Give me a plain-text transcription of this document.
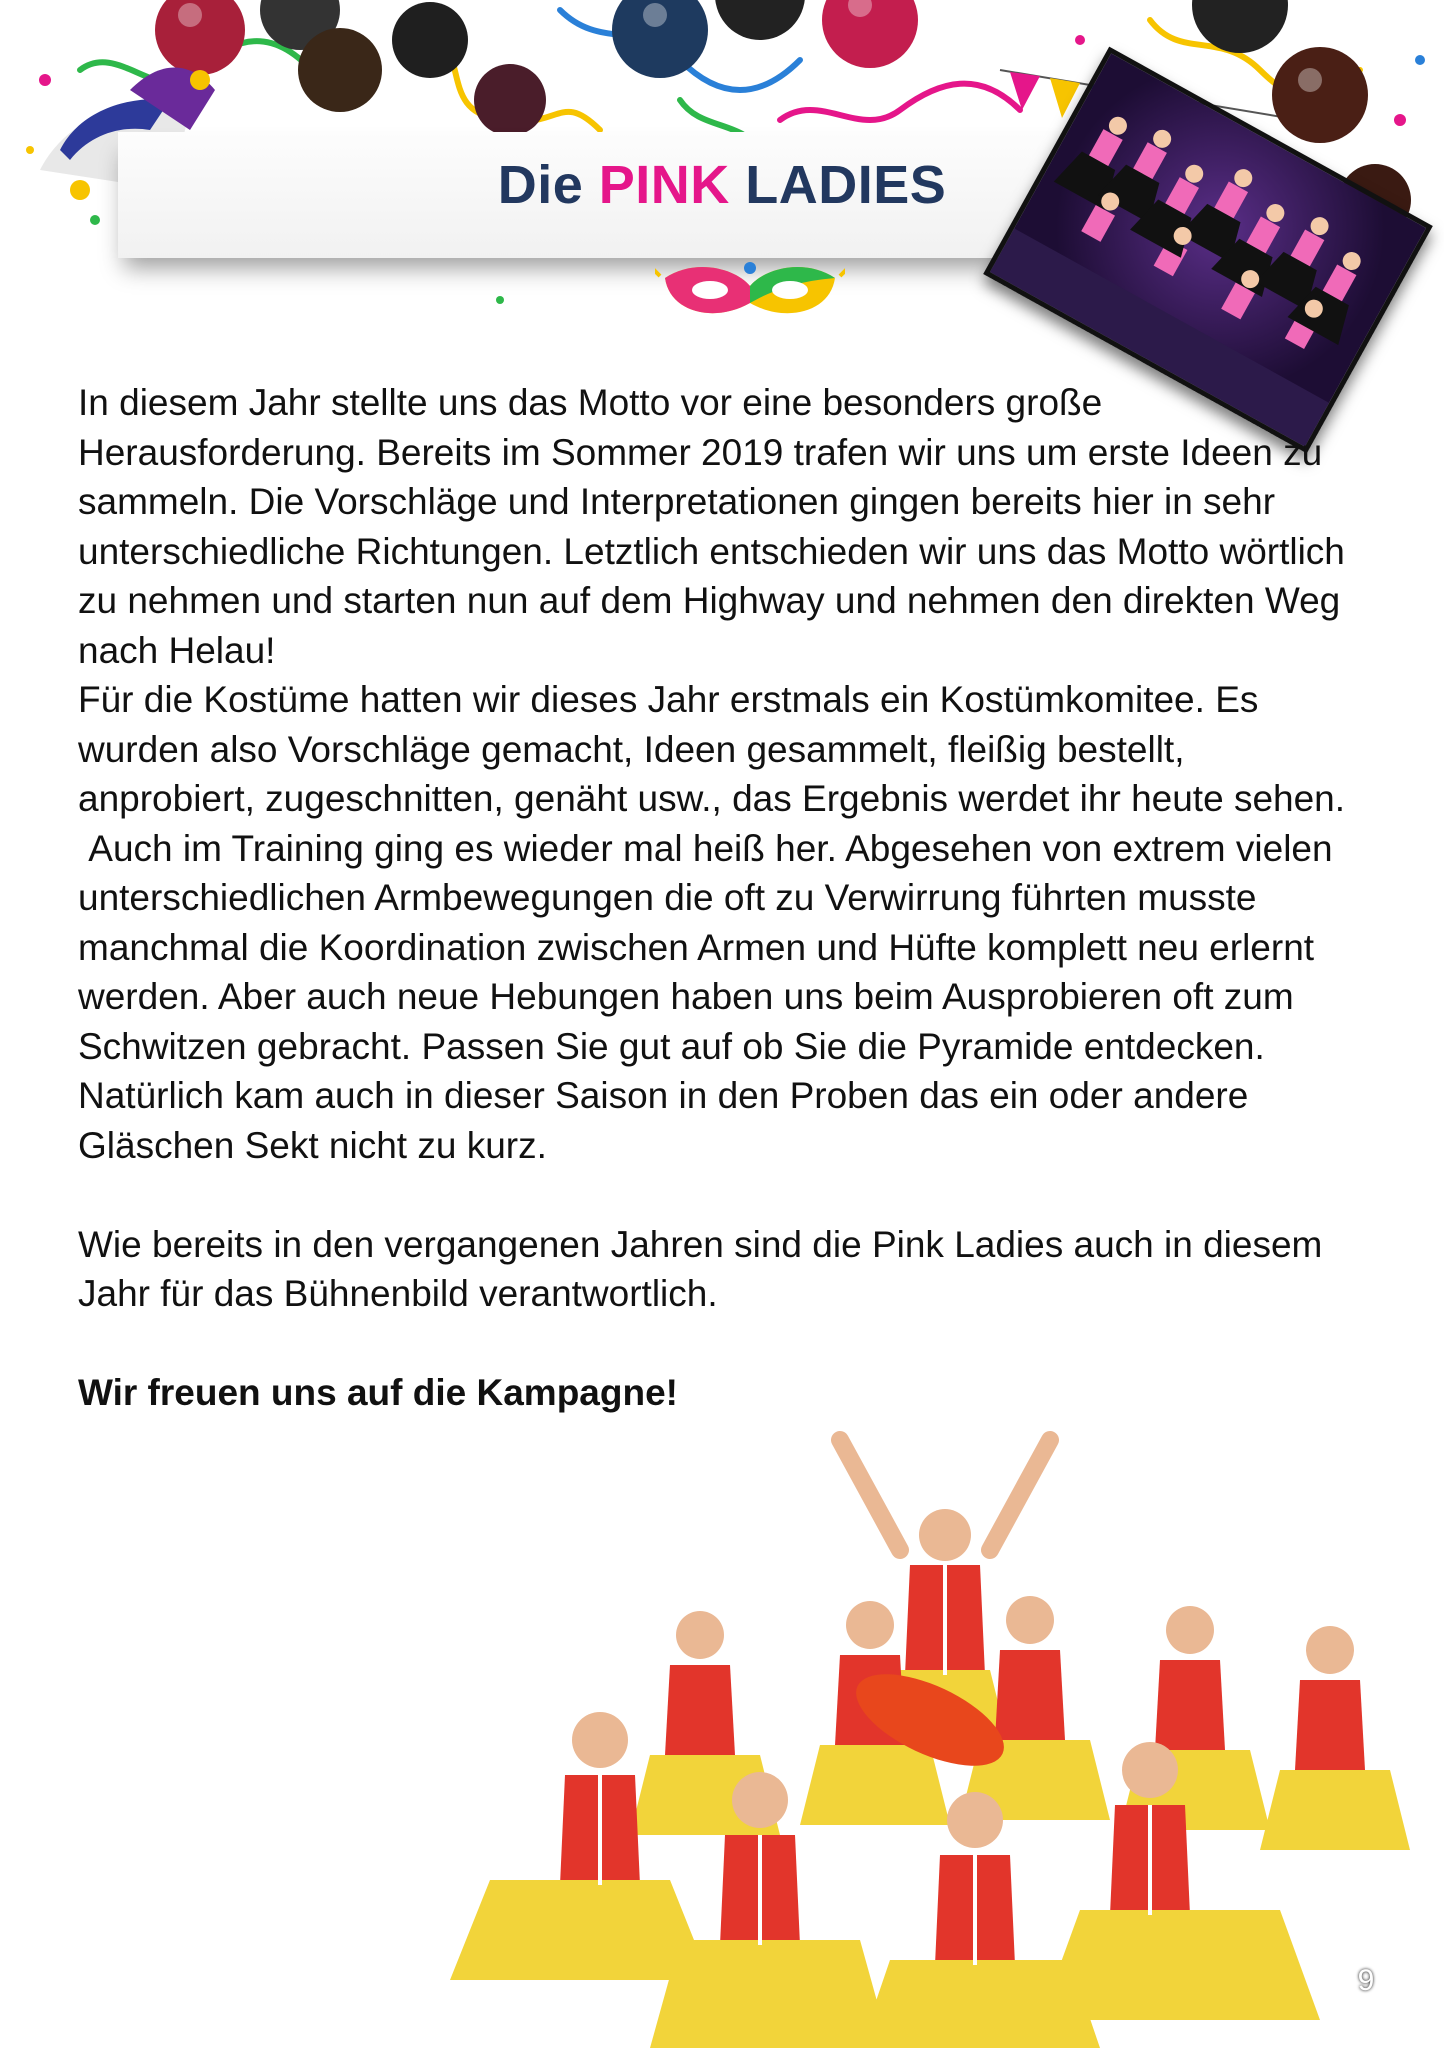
Die PINK LADIES

In diesem Jahr stellte uns das Motto vor eine besonders große Herausforderung. Bereits im Sommer 2019 trafen wir uns um erste Ideen zu sammeln. Die Vorschläge und Interpretationen gingen bereits hier in sehr unterschiedliche Richtungen. Letztlich entschieden wir uns das Motto wörtlich zu nehmen und starten nun auf dem Highway und nehmen den direkten Weg nach Helau!

Für die Kostüme hatten wir dieses Jahr erstmals ein Kostümkomitee. Es wurden also Vorschläge gemacht, Ideen gesammelt, fleißig bestellt, anprobiert, zugeschnitten, genäht usw., das Ergebnis werdet ihr heute sehen.

Auch im Training ging es wieder mal heiß her. Abgesehen von extrem vielen unterschiedlichen Armbewegungen die oft zu Verwirrung führten musste manchmal die Koordination zwischen Armen und Hüfte komplett neu erlernt werden. Aber auch neue Hebungen haben uns beim Ausprobieren oft zum Schwitzen gebracht. Passen Sie gut auf ob Sie die Pyramide entdecken.

Natürlich kam auch in dieser Saison in den Proben das ein oder andere Gläschen Sekt nicht zu kurz.

Wie bereits in den vergangenen Jahren sind die Pink Ladies auch in diesem Jahr für das Bühnenbild verantwortlich.

Wir freuen uns auf die Kampagne!

9
